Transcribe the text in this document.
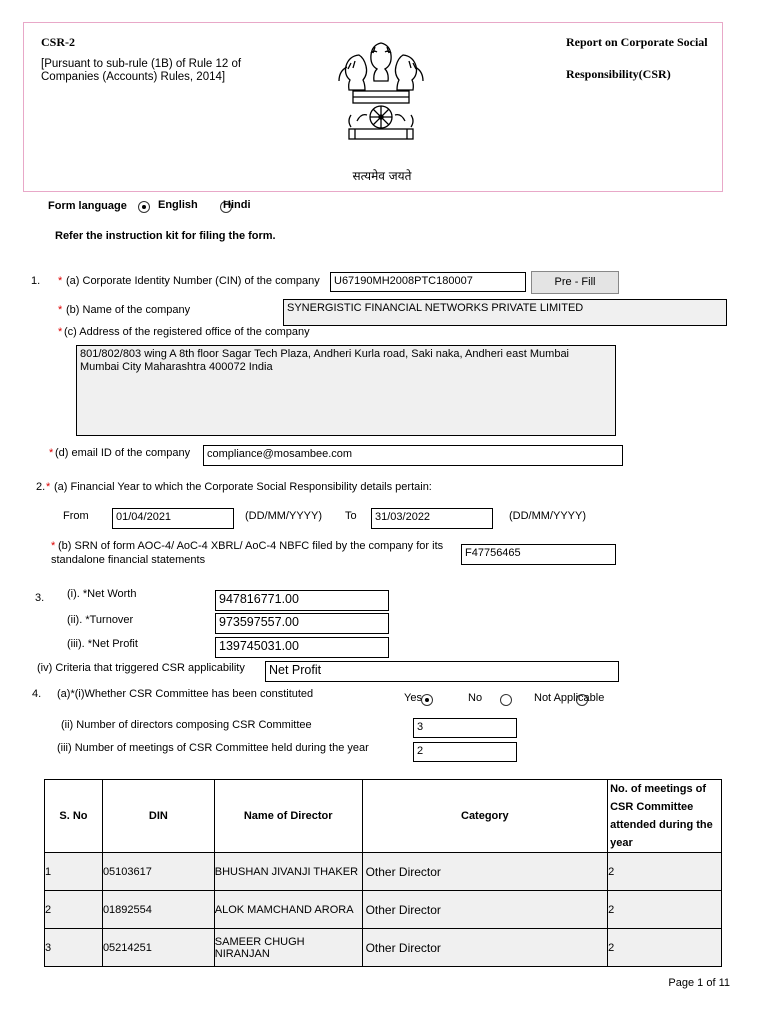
CSR-2
[Pursuant to sub-rule (1B) of Rule 12 of Companies (Accounts) Rules, 2014]
Report on Corporate Social
Responsibility(CSR)
सत्यमेव जयते
Form language
	English
Hindi
Refer the instruction kit for filing the form.
1. * (a) Corporate Identity Number (CIN) of the company	U67190MH2008PTC180007	Pre - Fill
* (b) Name of the company	SYNERGISTIC FINANCIAL NETWORKS PRIVATE LIMITED
* (c) Address of the registered office of the company
801/802/803 wing A 8th floor Sagar Tech Plaza, Andheri Kurla road, Saki naka, Andheri east Mumbai
Mumbai City Maharashtra 400072 India
* (d) email ID of the company	compliance@mosambee.com
2. * (a) Financial Year to which the Corporate Social Responsibility details pertain:
From	01/04/2021	(DD/MM/YYYY) To	31/03/2022	(DD/MM/YYYY)
* (b) SRN of form AOC-4/ AoC-4 XBRL/ AoC-4 NBFC filed by the company for its
standalone financial statements
F47756465
3. (i). *Net Worth	947816771.00
(ii). *Turnover	973597557.00
(iii). *Net Profit	139745031.00
(iv) Criteria that triggered CSR applicability	Net Profit
4. (a)*(i)Whether CSR Committee has been constituted
	Yes
	No	Not Applicable
(ii) Number of directors composing CSR Committee	3
(iii) Number of meetings of CSR Committee held during the year	2
S. No	DIN	Name of Director	Category	No. of meetings of
CSR Committee
attended during the
year

1	05103617	BHUSHAN JIVANJI THAKER	Other Director	2
2	01892554	ALOK MAMCHAND ARORA	Other Director	2
3	05214251	SAMEER CHUGH NIRANJAN	Other Director	2
Page 1 of 11
